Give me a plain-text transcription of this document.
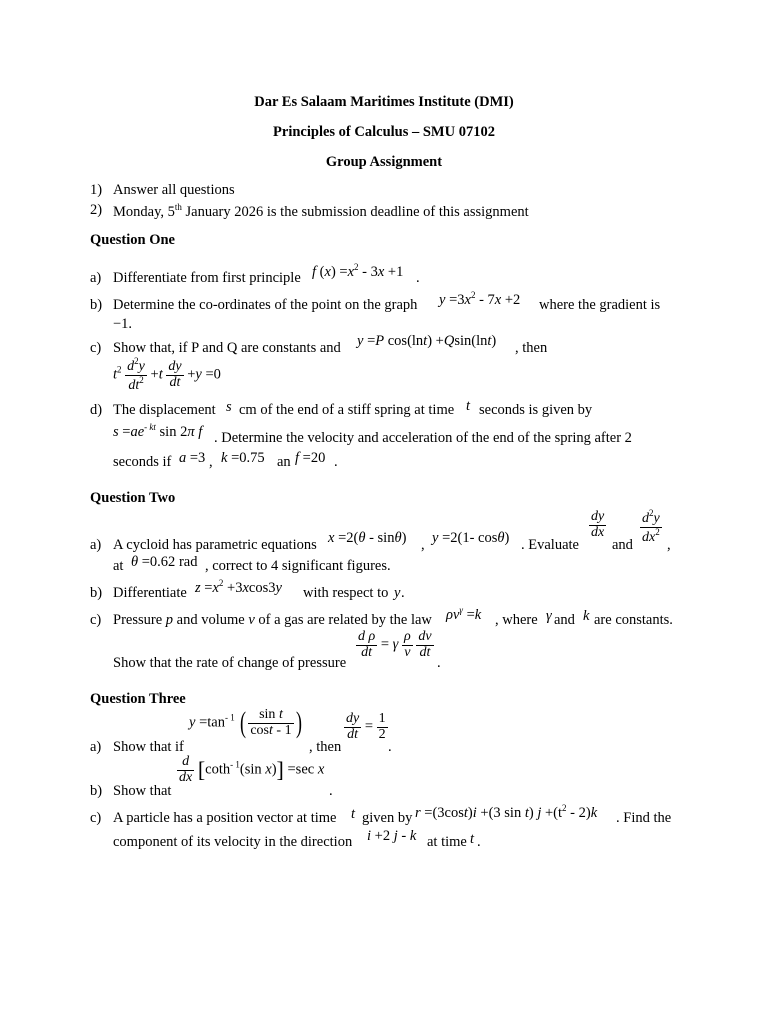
Dar Es Salaam Maritimes Institute (DMI)
Principles of Calculus – SMU 07102
Group Assignment
1) Answer all questions
2) Monday, 5th January 2026 is the submission deadline of this assignment
Question One
a) Differentiate from first principle f $(x) =x^2 - 3x +1$ .
b) Determine the co-ordinates of the point on the graph $y =3x^2 - 7x +2$ where the gradient is
−1.
c) Show that, if P and Q are constants and y =P cos(lnt) +Qsin(lnt) , then
$t^2 \frac{d^2y}{dt^2} +t \frac{dy}{dt} +y =0$
d) The displacement s cm of the end of a stiff spring at time t seconds is given by
$s =ae^{- kt}$ sin 2π f . Determine the velocity and acceleration of the end of the spring after 2
seconds if a =3 , k =0.75 an f =20 .
Question Two
a) A cycloid has parametric equations x =2(θ - sinθ) , y =2(1- cosθ) . Evaluate
$\frac{dy}{dx}$
and $\frac{d^2y}{dx^2}$ ,
at θ =0.62 rad , correct to 4 significant figures.
b) Differentiate $z =x^2 +3xcos3y$ with respect to y .
c) Pressure p and volume v of a gas are related by the law $\rho v^\gamma =k$ , where γ and k are constants.
Show that the rate of change of pressure
$\frac{\text{d ρ}}{dt} = \gamma \frac{\rho}{v}$
$\frac{dv}{dt}$
.
Question Three
a) Show that if
$y =\tan^{- 1}$ ( $\frac{\text{sin t}}{\cos t - 1}$ )
, then
$\frac{dy}{dt} = \frac{1}{2}$
.
b) Show that
$\frac{d}{dx} [\cot h^{- 1}(\sin$ x)] =sec x
.
c) A particle has a position vector at time t given by r =(3cost)i +(3 sin t) $j +(t^2 - 2)k$ . Find the
component of its velocity in the direction i +2 j - k at time t .
